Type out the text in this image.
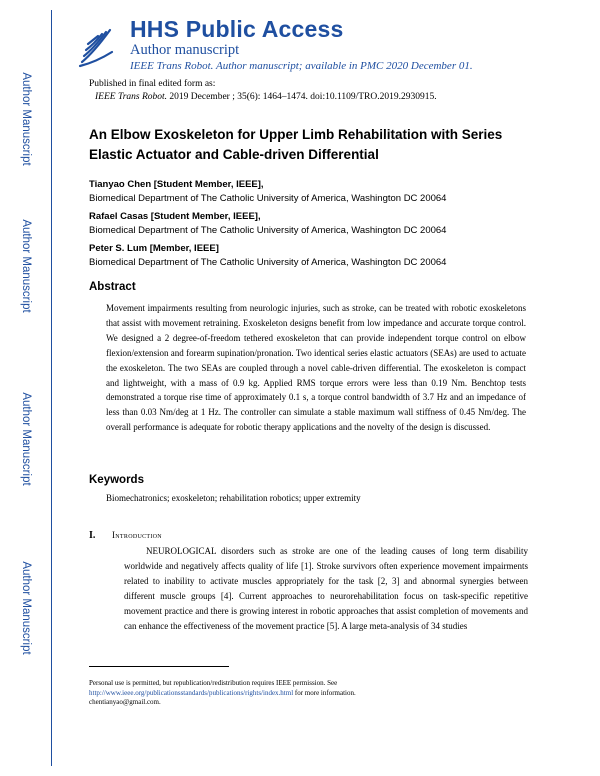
Author Manuscript
Author Manuscript
Author Manuscript
Author Manuscript
HHS Public Access
Author manuscript
IEEE Trans Robot. Author manuscript; available in PMC 2020 December 01.
Published in final edited form as:
IEEE Trans Robot. 2019 December ; 35(6): 1464–1474. doi:10.1109/TRO.2019.2930915.
An Elbow Exoskeleton for Upper Limb Rehabilitation with Series Elastic Actuator and Cable-driven Differential
Tianyao Chen [Student Member, IEEE],
Biomedical Department of The Catholic University of America, Washington DC 20064
Rafael Casas [Student Member, IEEE],
Biomedical Department of The Catholic University of America, Washington DC 20064
Peter S. Lum [Member, IEEE]
Biomedical Department of The Catholic University of America, Washington DC 20064
Abstract

Movement impairments resulting from neurologic injuries, such as stroke, can be treated with robotic exoskeletons that assist with movement retraining. Exoskeleton designs benefit from low impedance and accurate torque control. We designed a 2 degree-of-freedom tethered exoskeleton that can provide independent torque control on elbow flexion/extension and forearm supination/pronation. Two identical series elastic actuators (SEAs) are used to actuate the exoskeleton. The two SEAs are coupled through a novel cable-driven differential. The exoskeleton is compact and lightweight, with a mass of 0.9 kg. Applied RMS torque errors were less than 0.19 Nm. Benchtop tests demonstrated a torque rise time of approximately 0.1 s, a torque control bandwidth of 3.7 Hz and an impedance of less than 0.03 Nm/deg at 1 Hz. The controller can simulate a stable maximum wall stiffness of 0.45 Nm/deg. The overall performance is adequate for robotic therapy applications and the novelty of the design is discussed.

Keywords
Biomechatronics; exoskeleton; rehabilitation robotics; upper extremity
I. Introduction

NEUROLOGICAL disorders such as stroke are one of the leading causes of long term disability worldwide and negatively affects quality of life [1]. Stroke survivors often experience movement impairments related to inability to activate muscles appropriately for the task [2, 3] and abnormal synergies between different muscle groups [4]. Current approaches to neurorehabilitation focus on task-specific repetitive movement practice and there is growing interest in robotic approaches that assist completion of movements and can enhance the effectiveness of the movement practice [5]. A large meta-analysis of 34 studies

Personal use is permitted, but republication/redistribution requires IEEE permission. See http://www.ieee.org/publicationsstandards/publications/rights/index.html for more information.
chentianyao@gmail.com.
